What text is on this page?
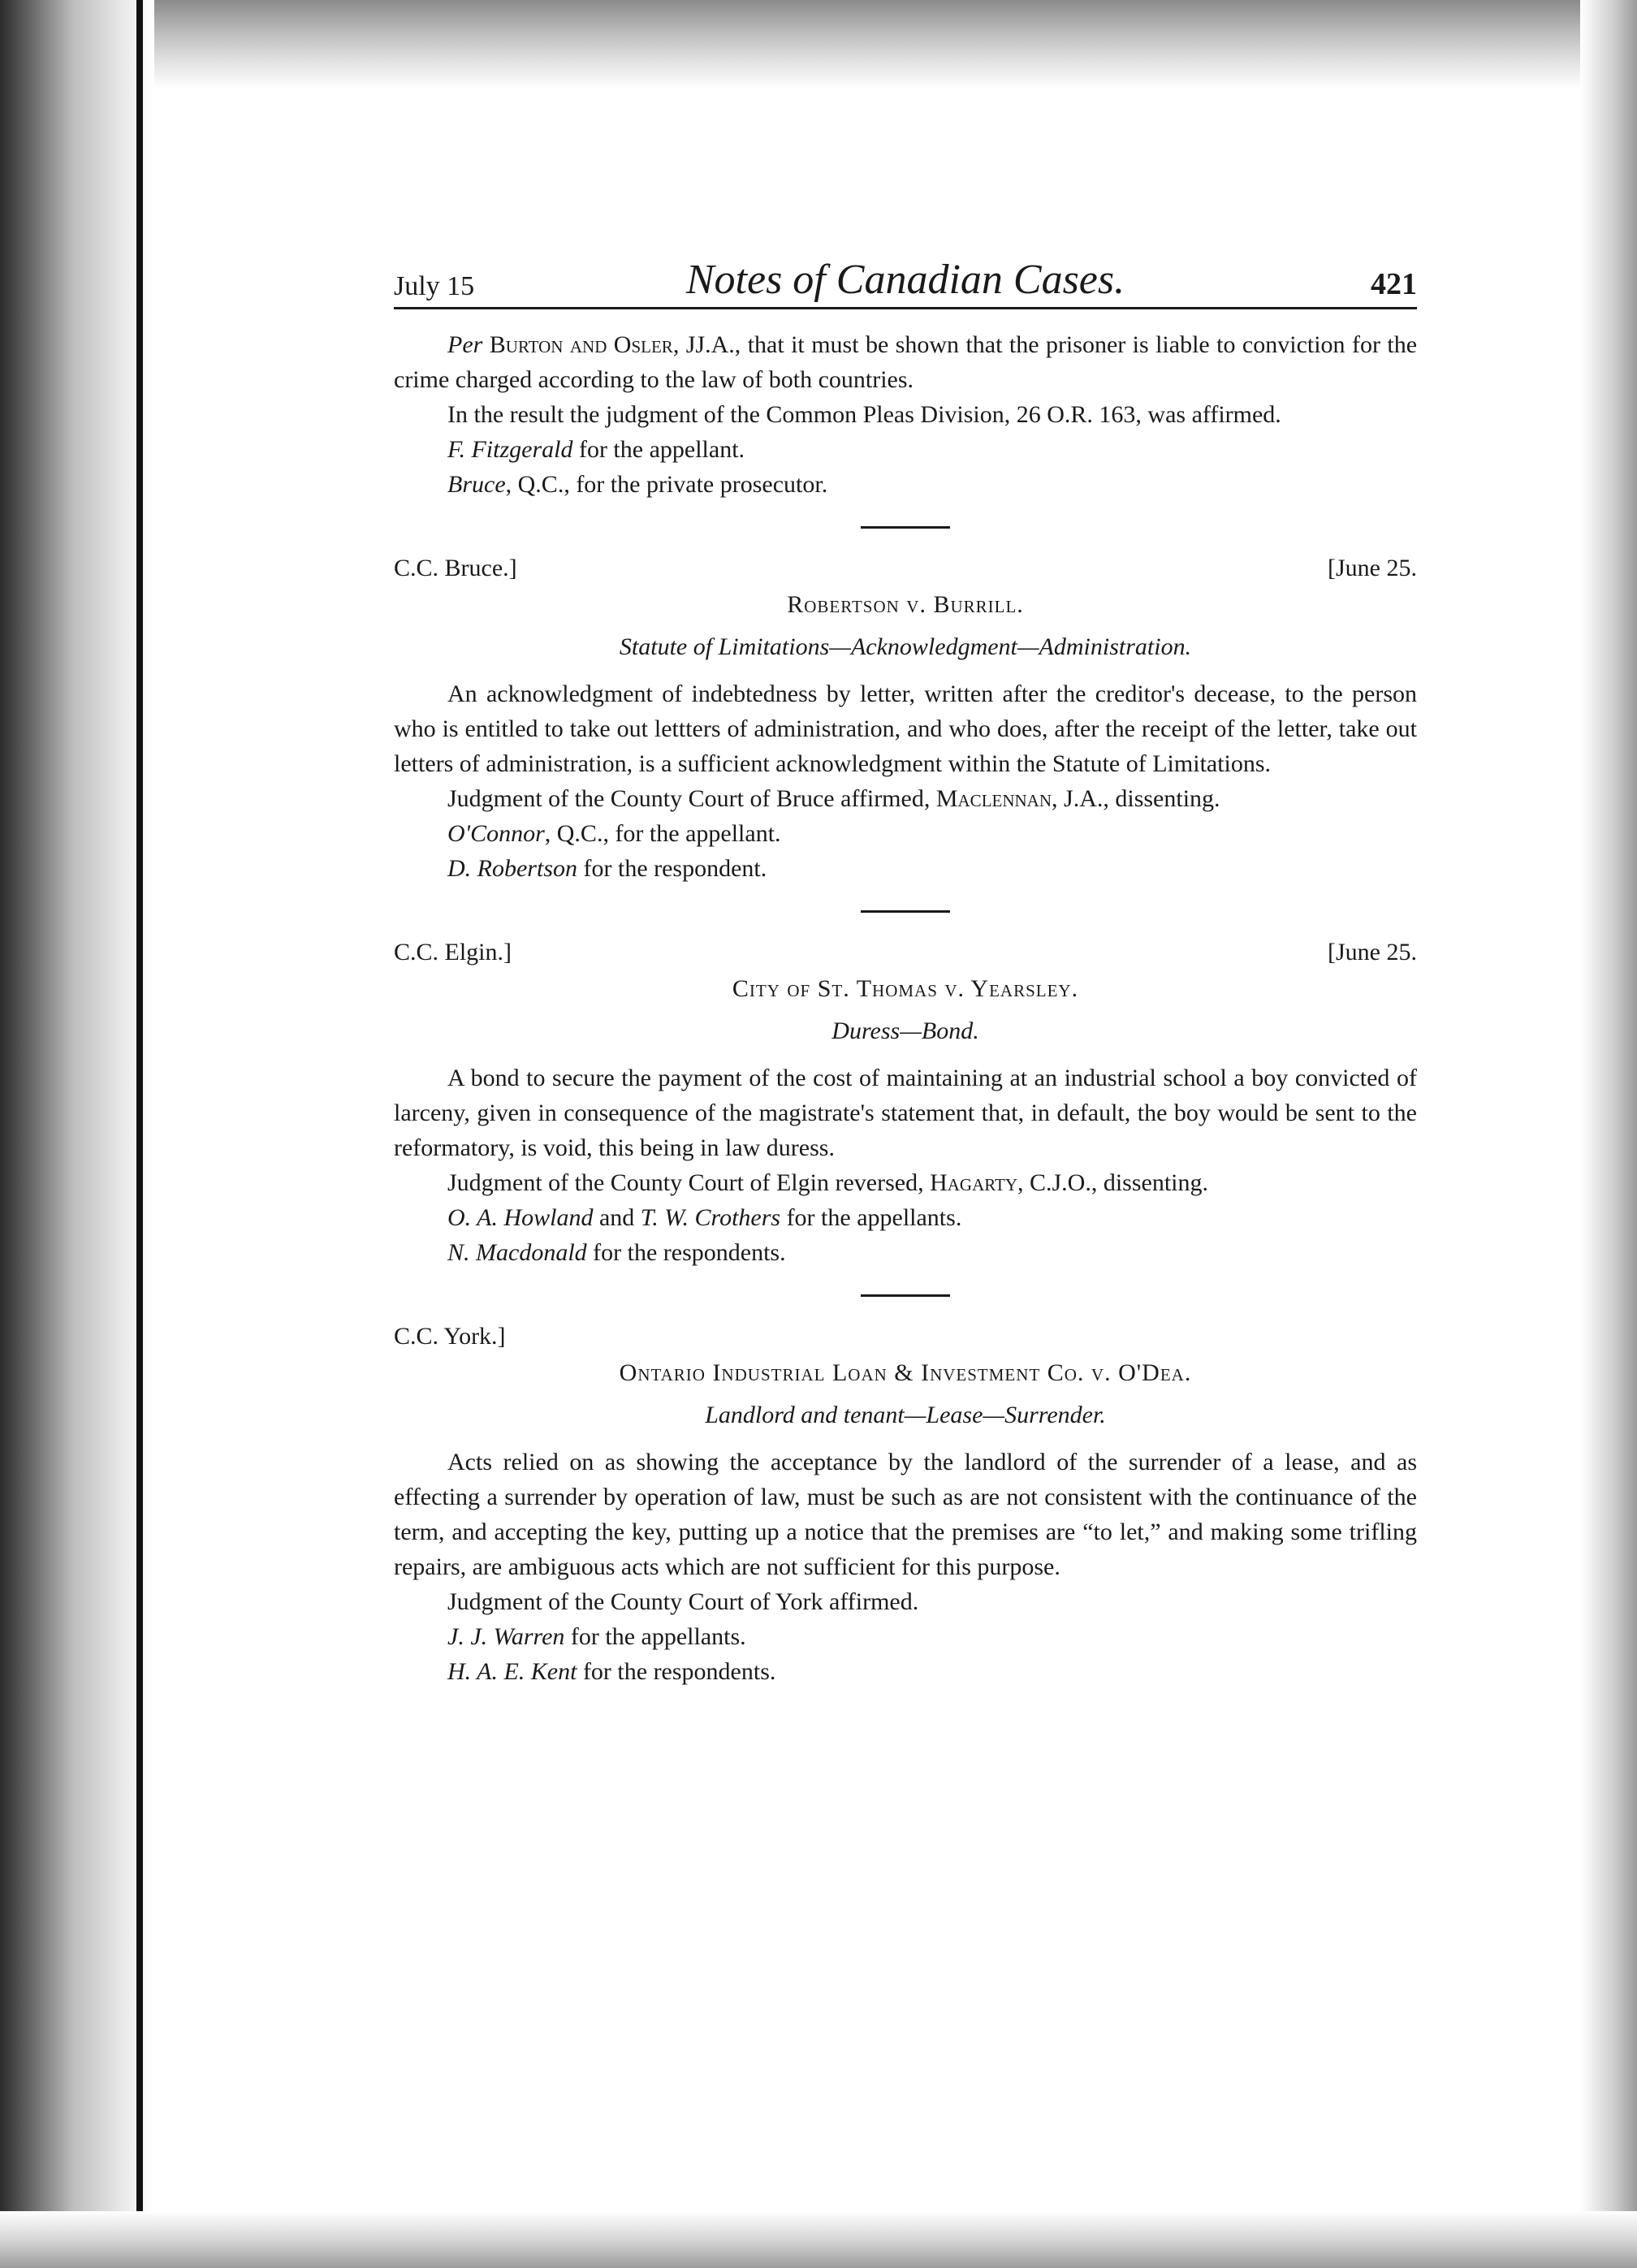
July 15	Notes of Canadian Cases.	421

Per Burton and Osler, JJ.A., that it must be shown that the prisoner is liable to conviction for the crime charged according to the law of both countries.

In the result the judgment of the Common Pleas Division, 26 O.R. 163, was affirmed.

F. Fitzgerald for the appellant.

Bruce, Q.C., for the private prosecutor.

C.C. Bruce.]	[June 25.

Robertson v. Burrill.

Statute of Limitations—Acknowledgment—Administration.

An acknowledgment of indebtedness by letter, written after the creditor's decease, to the person who is entitled to take out lettters of administration, and who does, after the receipt of the letter, take out letters of administration, is a sufficient acknowledgment within the Statute of Limitations.

Judgment of the County Court of Bruce affirmed, Maclennan, J.A., dissenting.

O'Connor, Q.C., for the appellant.

D. Robertson for the respondent.

C.C. Elgin.]	[June 25.

City of St. Thomas v. Yearsley.

Duress—Bond.

A bond to secure the payment of the cost of maintaining at an industrial school a boy convicted of larceny, given in consequence of the magistrate's statement that, in default, the boy would be sent to the reformatory, is void, this being in law duress.

Judgment of the County Court of Elgin reversed, Hagarty, C.J.O., dissenting.

O. A. Howland and T. W. Crothers for the appellants.

N. Macdonald for the respondents.

C.C. York.]

Ontario Industrial Loan & Investment Co. v. O'Dea.

Landlord and tenant—Lease—Surrender.

Acts relied on as showing the acceptance by the landlord of the surrender of a lease, and as effecting a surrender by operation of law, must be such as are not consistent with the continuance of the term, and accepting the key, putting up a notice that the premises are “to let,” and making some trifling repairs, are ambiguous acts which are not sufficient for this purpose.

Judgment of the County Court of York affirmed.

J. J. Warren for the appellants.

H. A. E. Kent for the respondents.
